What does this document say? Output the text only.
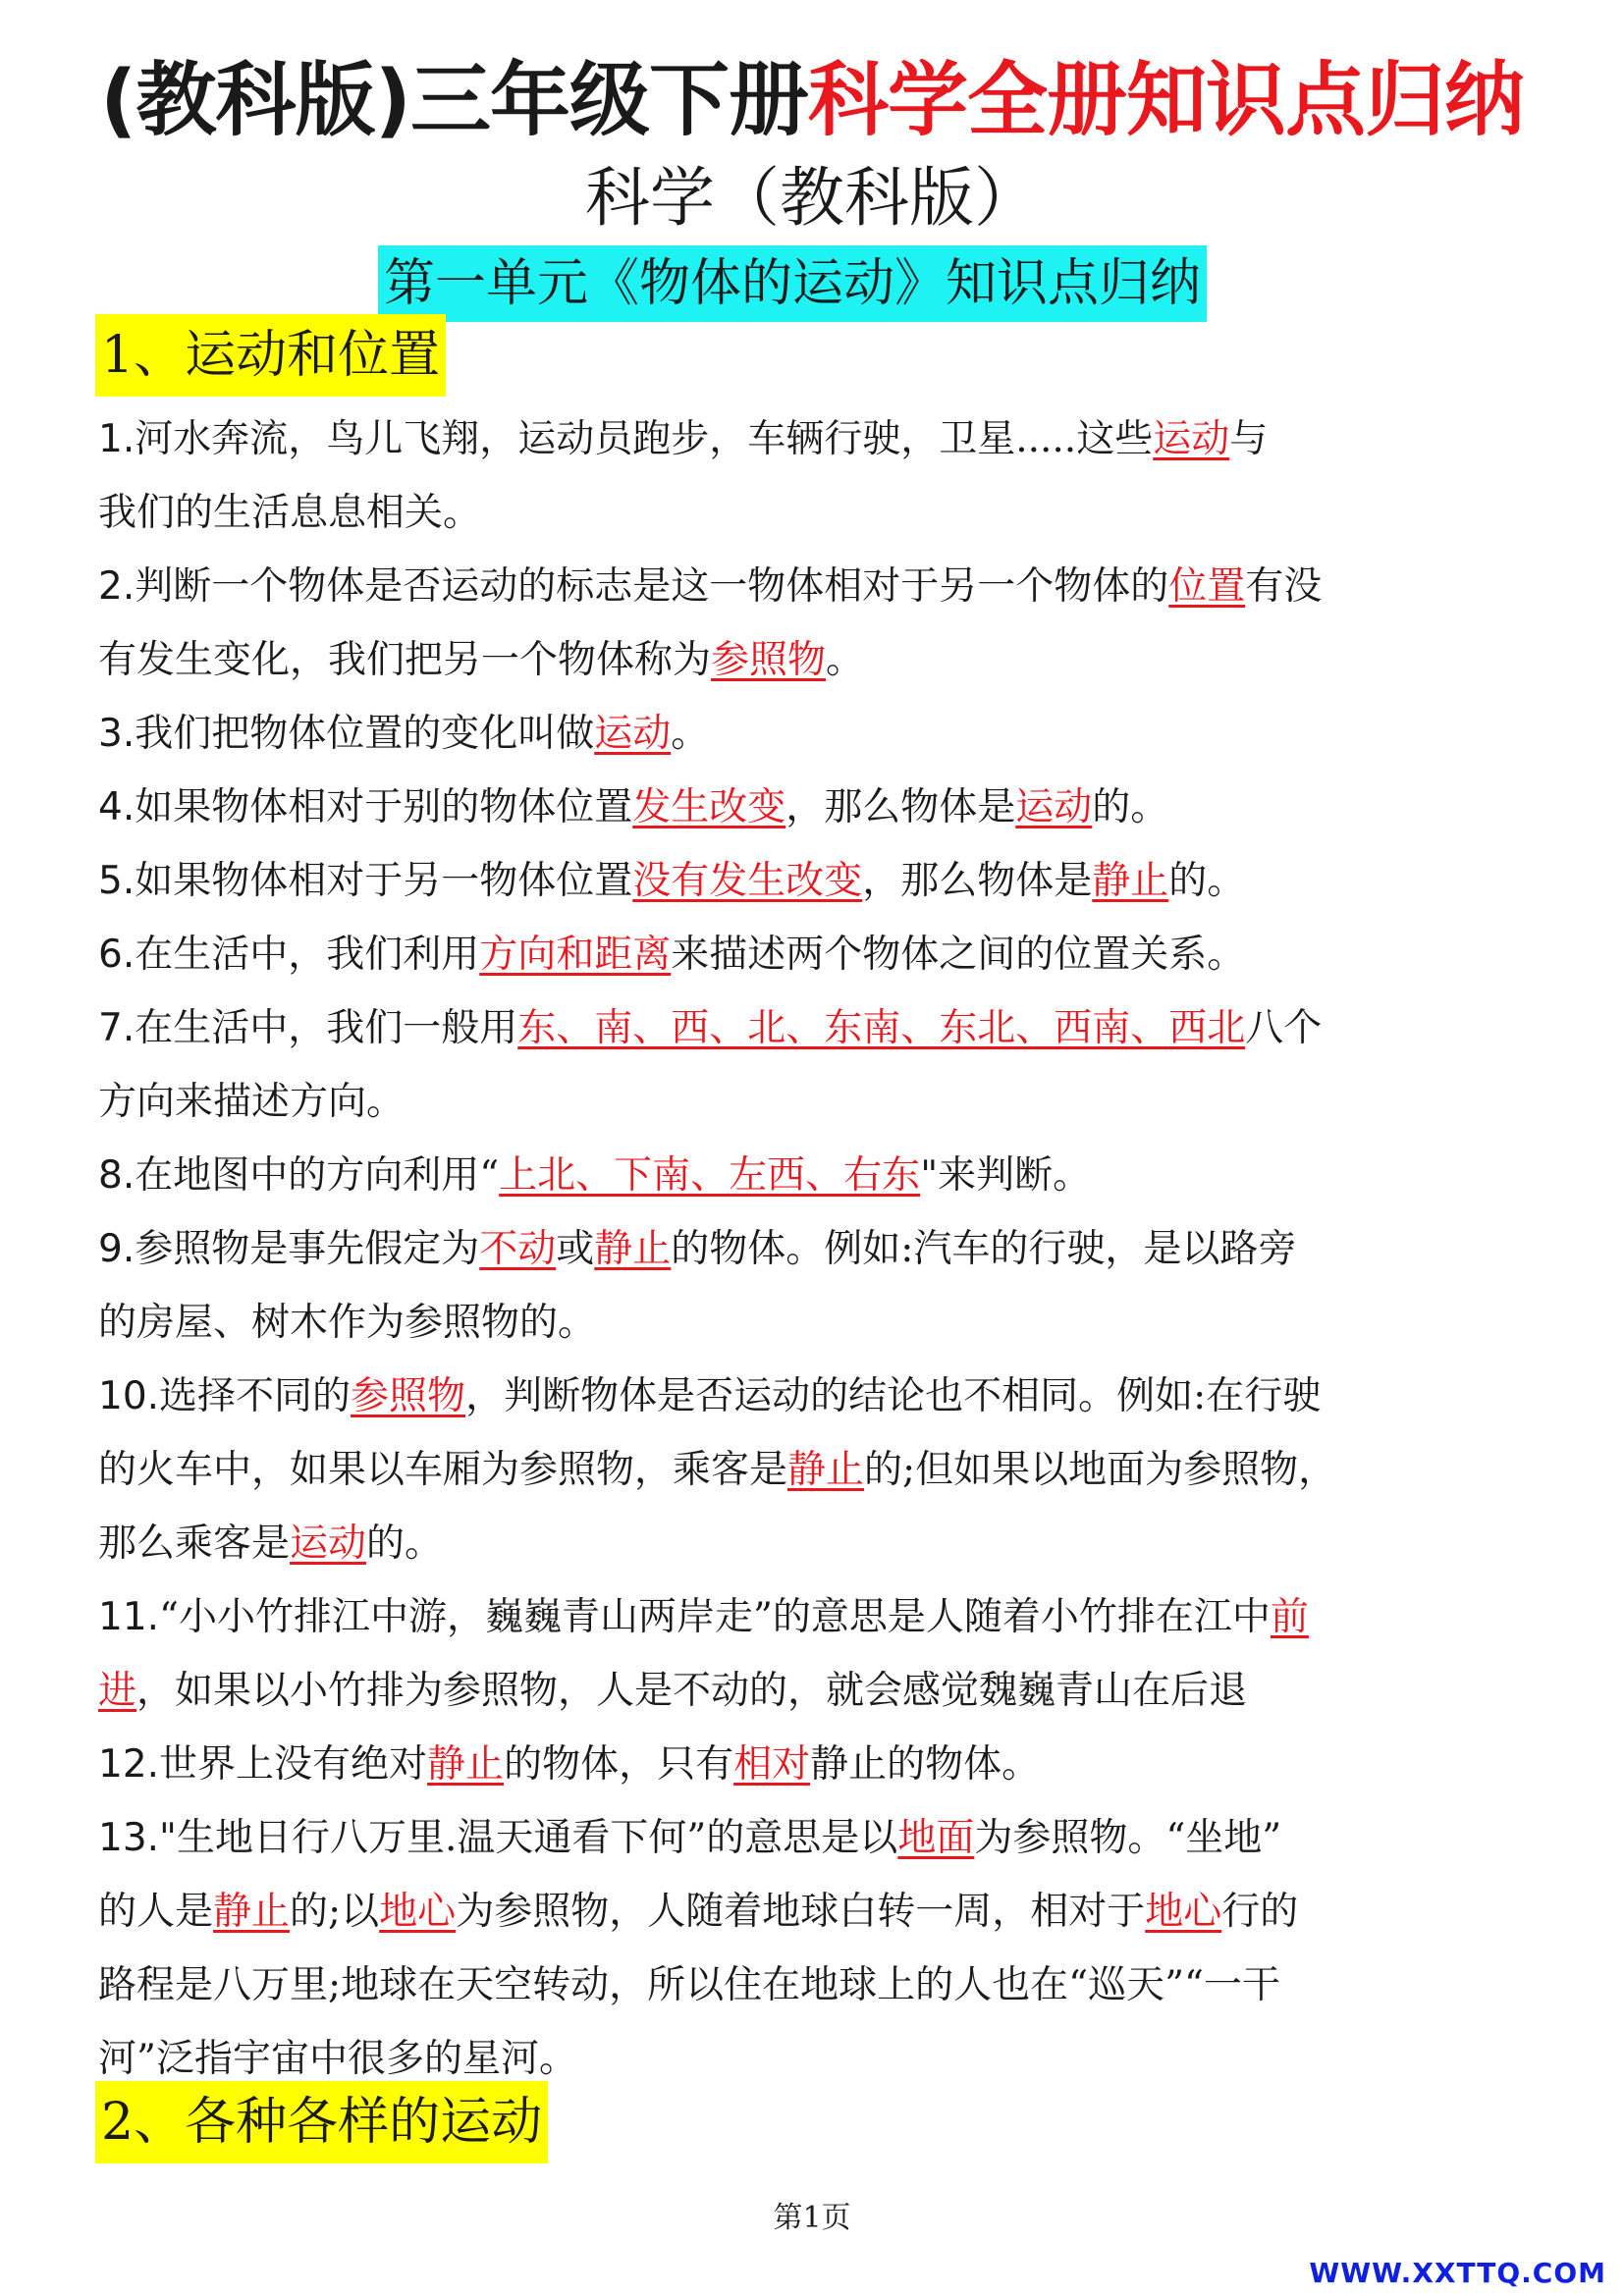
(教科版)三年级下册科学全册知识点归纳
科学（教科版）
第一单元《物体的运动》知识点归纳
1、运动和位置

1.河水奔流，鸟儿飞翔，运动员跑步，车辆行驶，卫星.....这些运动与

我们的生活息息相关。

2.判断一个物体是否运动的标志是这一物体相对于另一个物体的位置有没

有发生变化，我们把另一个物体称为参照物。

3.我们把物体位置的变化叫做运动。

4.如果物体相对于别的物体位置发生改变，那么物体是运动的。

5.如果物体相对于另一物体位置没有发生改变，那么物体是静止的。

6.在生活中，我们利用方向和距离来描述两个物体之间的位置关系。

7.在生活中，我们一般用东、南、西、北、东南、东北、西南、西北八个

方向来描述方向。

8.在地图中的方向利用“上北、下南、左西、右东"来判断。

9.参照物是事先假定为不动或静止的物体。例如:汽车的行驶，是以路旁

的房屋、树木作为参照物的。

10.选择不同的参照物，判断物体是否运动的结论也不相同。例如:在行驶

的火车中，如果以车厢为参照物，乘客是静止的;但如果以地面为参照物，

那么乘客是运动的。

11.“小小竹排江中游，巍巍青山两岸走”的意思是人随着小竹排在江中前

进，如果以小竹排为参照物，人是不动的，就会感觉魏巍青山在后退

12.世界上没有绝对静止的物体，只有相对静止的物体。

13."生地日行八万里.温天通看下何”的意思是以地面为参照物。“坐地”

的人是静止的;以地心为参照物，人随着地球白转一周，相对于地心行的

路程是八万里;地球在天空转动，所以住在地球上的人也在“巡天”“一干

河”泛指宇宙中很多的星河。

2、各种各样的运动
第1页
WWW.XXTTQ.COM
